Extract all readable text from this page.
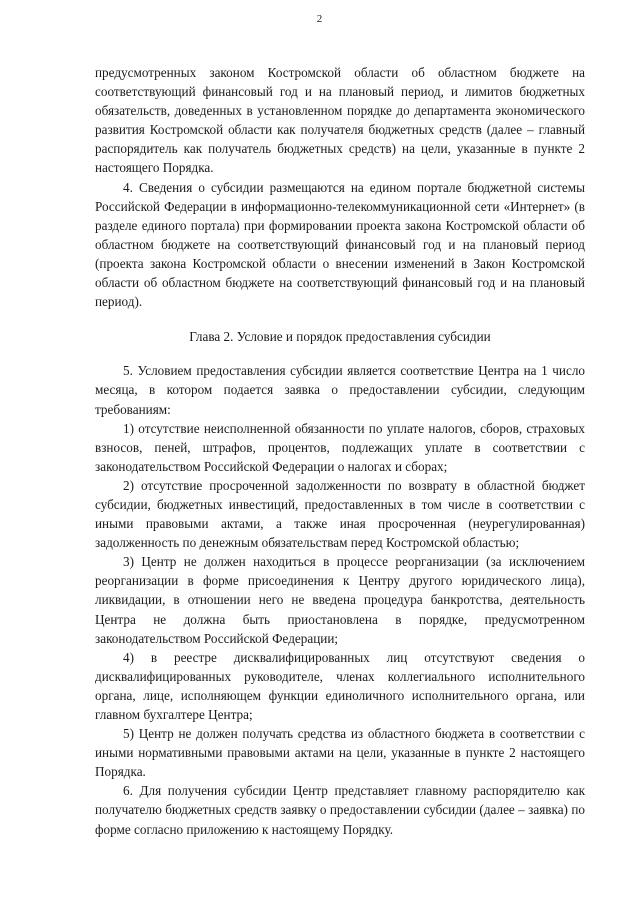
2

предусмотренных законом Костромской области об областном бюджете на соответствующий финансовый год и на плановый период, и лимитов бюджетных обязательств, доведенных в установленном порядке до департамента экономического развития Костромской области как получателя бюджетных средств (далее – главный распорядитель как получатель бюджетных средств) на цели, указанные в пункте 2 настоящего Порядка.

4. Сведения о субсидии размещаются на едином портале бюджетной системы Российской Федерации в информационно-телекоммуникационной сети «Интернет» (в разделе единого портала) при формировании проекта закона Костромской области об областном бюджете на соответствующий финансовый год и на плановый период (проекта закона Костромской области о внесении изменений в Закон Костромской области об областном бюджете на соответствующий финансовый год и на плановый период).

Глава 2. Условие и порядок предоставления субсидии

5. Условием предоставления субсидии является соответствие Центра на 1 число месяца, в котором подается заявка о предоставлении субсидии, следующим требованиям:

1) отсутствие неисполненной обязанности по уплате налогов, сборов, страховых взносов, пеней, штрафов, процентов, подлежащих уплате в соответствии с законодательством Российской Федерации о налогах и сборах;

2) отсутствие просроченной задолженности по возврату в областной бюджет субсидии, бюджетных инвестиций, предоставленных в том числе в соответствии с иными правовыми актами, а также иная просроченная (неурегулированная) задолженность по денежным обязательствам перед Костромской областью;

3) Центр не должен находиться в процессе реорганизации (за исключением реорганизации в форме присоединения к Центру другого юридического лица), ликвидации, в отношении него не введена процедура банкротства, деятельность Центра не должна быть приостановлена в порядке, предусмотренном законодательством Российской Федерации;

4) в реестре дисквалифицированных лиц отсутствуют сведения о дисквалифицированных руководителе, членах коллегиального исполнительного органа, лице, исполняющем функции единоличного исполнительного органа, или главном бухгалтере Центра;

5) Центр не должен получать средства из областного бюджета в соответствии с иными нормативными правовыми актами на цели, указанные в пункте 2 настоящего Порядка.

6. Для получения субсидии Центр представляет главному распорядителю как получателю бюджетных средств заявку о предоставлении субсидии (далее – заявка) по форме согласно приложению к настоящему Порядку.
